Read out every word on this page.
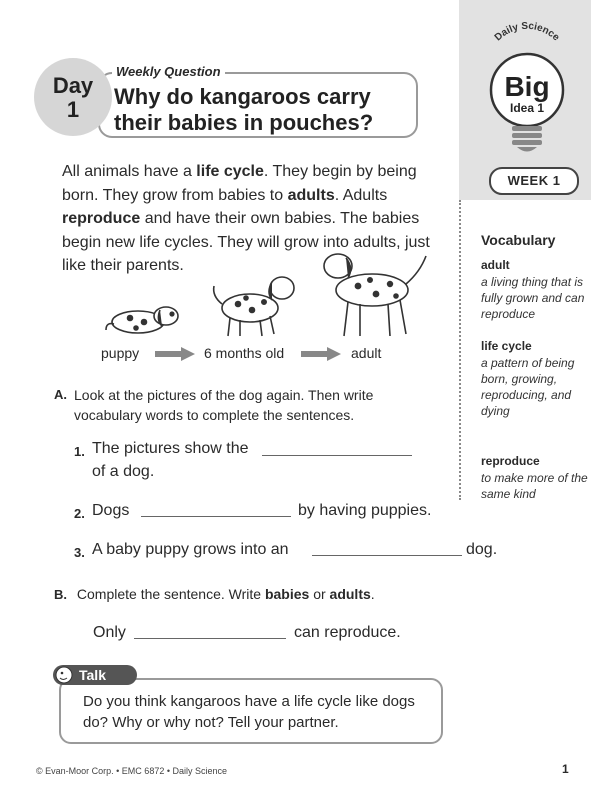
Daily Science
Big
Idea 1
WEEK 1
Day
1
Weekly Question
Why do kangaroos carry their babies in pouches?
All animals have a life cycle. They begin by being born. They grow from babies to adults. Adults reproduce and have their own babies. The babies begin new life cycles. They will grow into adults, just like their parents.
puppy	6 months old	adult
Vocabulary
adult
a living thing that is fully grown and can reproduce
life cycle
a pattern of being born, growing, reproducing, and dying
reproduce
to make more of the same kind
A. Look at the pictures of the dog again. Then write vocabulary words to complete the sentences.
1. The pictures show the
of a dog.
2. Dogs	by having puppies.
3. A baby puppy grows into an	dog.
B. Complete the sentence. Write babies or adults.
Only	can reproduce.
Talk
Do you think kangaroos have a life cycle like dogs do? Why or why not? Tell your partner.
© Evan-Moor Corp. • EMC 6872 • Daily Science	1
